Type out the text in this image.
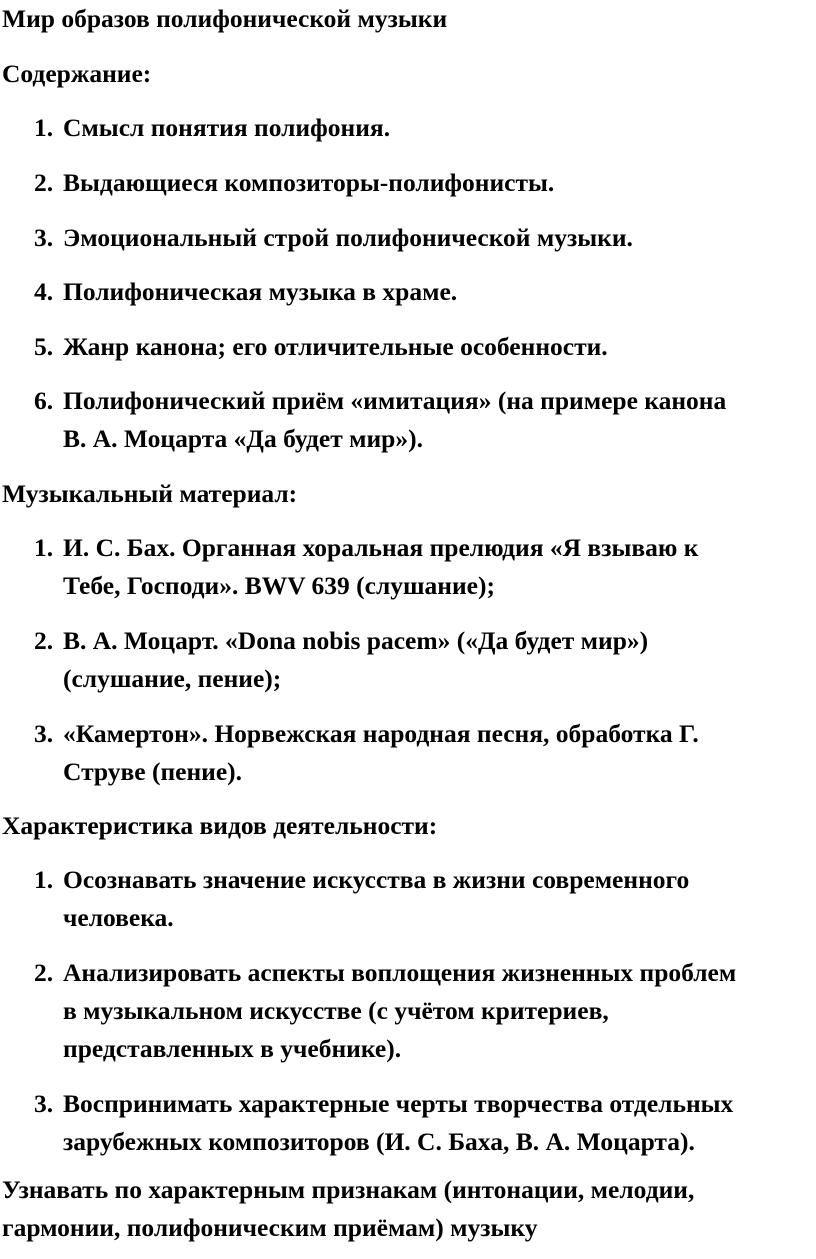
Мир образов полифонической музыки
Содержание:
1. Смысл понятия полифония.
2. Выдающиеся композиторы-полифонисты.
3. Эмоциональный строй полифонической музыки.
4. Полифоническая музыка в храме.
5. Жанр канона; его отличительные особенности.
6. Полифонический приём «имитация» (на примере канона
В. А. Моцарта «Да будет мир»).
Музыкальный материал:
1. И. С. Бах. Органная хоральная прелюдия «Я взываю к
Тебе, Господи». BWV 639 (слушание);
2. В. А. Моцарт. «Dona nobis pacem» («Да будет мир»)
(слушание, пение);
3. «Камертон». Норвежская народная песня, обработка Г.
Струве (пение).
Характеристика видов деятельности:
1. Осознавать значение искусства в жизни современного
человека.
2. Анализировать аспекты воплощения жизненных проблем
в музыкальном искусстве (с учётом критериев,
представленных в учебнике).
3. Воспринимать характерные черты творчества отдельных
зарубежных композиторов (И. С. Баха, В. А. Моцарта).
Узнавать по характерным признакам (интонации, мелодии,
гармонии, полифоническим приёмам) музыку
